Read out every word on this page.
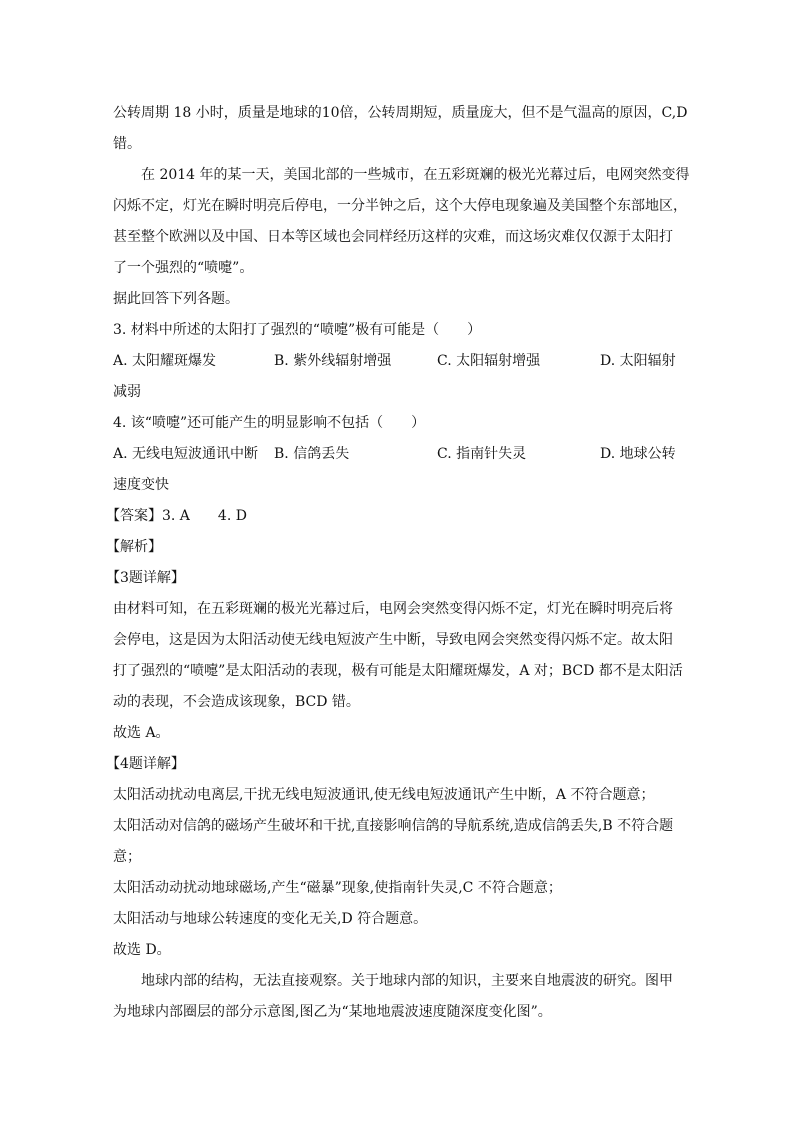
公转周期 18 小时，质量是地球的10倍，公转周期短，质量庞大，但不是气温高的原因，C,D
错。
在 2014 年的某一天，美国北部的一些城市，在五彩斑斓的极光光幕过后，电网突然变得
闪烁不定，灯光在瞬时明亮后停电，一分半钟之后，这个大停电现象遍及美国整个东部地区，
甚至整个欧洲以及中国、日本等区域也会同样经历这样的灾难，而这场灾难仅仅源于太阳打
了一个强烈的“喷嚏”。
据此回答下列各题。
3. 材料中所述的太阳打了强烈的“喷嚏”极有可能是（　　）
A. 太阳耀斑爆发	B. 紫外线辐射增强	C. 太阳辐射增强	D. 太阳辐射
减弱
4. 该“喷嚏”还可能产生的明显影响不包括（　　）
A. 无线电短波通讯中断	B. 信鸽丢失	C. 指南针失灵	D. 地球公转
速度变快
【答案】3. A　　4. D
【解析】
【3题详解】
由材料可知，在五彩斑斓的极光光幕过后，电网会突然变得闪烁不定，灯光在瞬时明亮后将
会停电，这是因为太阳活动使无线电短波产生中断，导致电网会突然变得闪烁不定。故太阳
打了强烈的“喷嚏”是太阳活动的表现，极有可能是太阳耀斑爆发，A 对；BCD 都不是太阳活
动的表现，不会造成该现象，BCD 错。
故选 A。
【4题详解】
太阳活动扰动电离层,干扰无线电短波通讯,使无线电短波通讯产生中断，A 不符合题意；
太阳活动对信鸽的磁场产生破坏和干扰,直接影响信鸽的导航系统,造成信鸽丢失,B 不符合题
意；
太阳活动动扰动地球磁场,产生“磁暴”现象,使指南针失灵,C 不符合题意；
太阳活动与地球公转速度的变化无关,D 符合题意。
故选 D。
地球内部的结构，无法直接观察。关于地球内部的知识，主要来自地震波的研究。图甲
为地球内部圈层的部分示意图,图乙为“某地地震波速度随深度变化图”。
